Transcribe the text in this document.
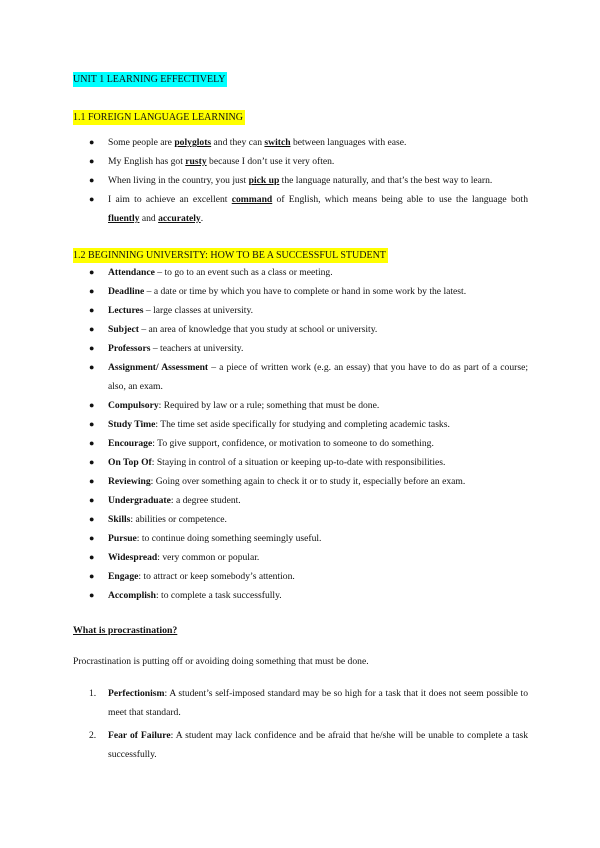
UNIT 1 LEARNING EFFECTIVELY
1.1 FOREIGN LANGUAGE LEARNING
● Some people are polyglots and they can switch between languages with ease.
● My English has got rusty because I don’t use it very often.
● When living in the country, you just pick up the language naturally, and that’s the best way to learn.
● I aim to achieve an excellent command of English, which means being able to use the language both fluently and accurately.
1.2 BEGINNING UNIVERSITY: HOW TO BE A SUCCESSFUL STUDENT
● Attendance – to go to an event such as a class or meeting.
● Deadline – a date or time by which you have to complete or hand in some work by the latest.
● Lectures – large classes at university.
● Subject – an area of knowledge that you study at school or university.
● Professors – teachers at university.
● Assignment/ Assessment – a piece of written work (e.g. an essay) that you have to do as part of a course; also, an exam.
● Compulsory: Required by law or a rule; something that must be done.
● Study Time: The time set aside specifically for studying and completing academic tasks.
● Encourage: To give support, confidence, or motivation to someone to do something.
● On Top Of: Staying in control of a situation or keeping up-to-date with responsibilities.
● Reviewing: Going over something again to check it or to study it, especially before an exam.
● Undergraduate: a degree student.
● Skills: abilities or competence.
● Pursue: to continue doing something seemingly useful.
● Widespread: very common or popular.
● Engage: to attract or keep somebody’s attention.
● Accomplish: to complete a task successfully.
What is procrastination?
Procrastination is putting off or avoiding doing something that must be done.
1. Perfectionism: A student’s self-imposed standard may be so high for a task that it does not seem possible to meet that standard.
2. Fear of Failure: A student may lack confidence and be afraid that he/she will be unable to complete a task successfully.
